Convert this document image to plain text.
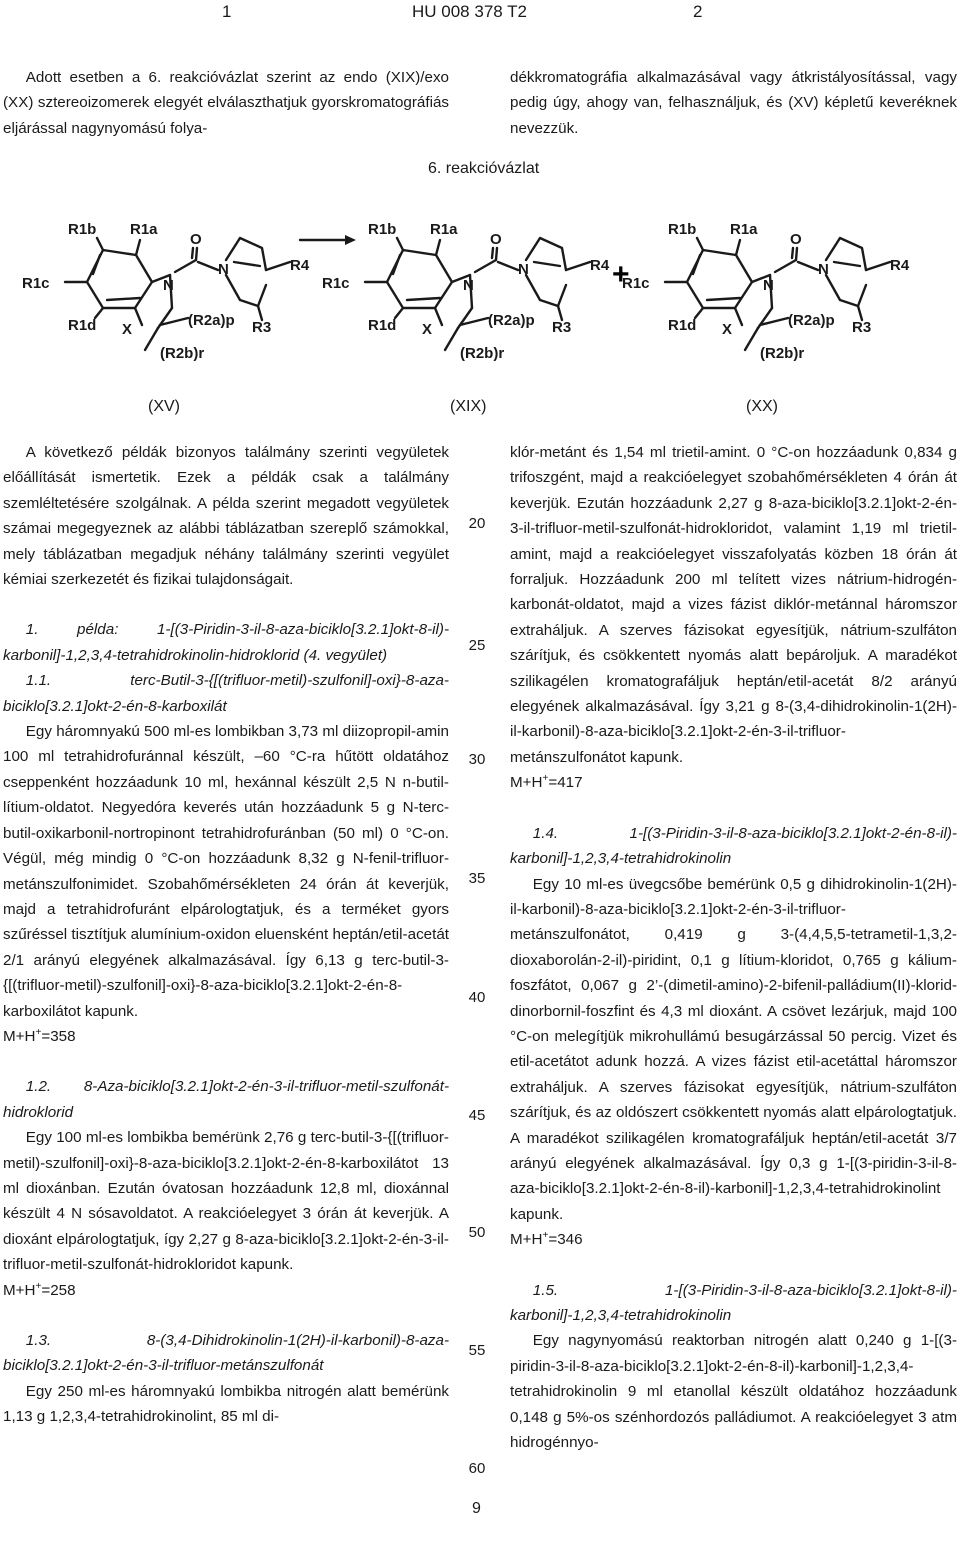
1	HU 008 378 T2	2

Adott esetben a 6. reakcióvázlat szerint az endo (XIX)/exo (XX) sztereoizomerek elegyét elválaszthatjuk gyorskromatográfiás eljárással nagynyomású folya-

dékkromatográfia alkalmazásával vagy átkristályosítással, vagy pedig úgy, ahogy van, felhasználjuk, és (XV) képletű keveréknek nevezzük.

6. reakcióvázlat
+
R1b R1a
R1c
R1d
O
N
N	R4
R3
X
(R2a)p
(R2b)r
R1b R1a
R1c
R1d
O
N
N	R4
R3
X
(R2a)p
(R2b)r
R1b R1a
R1c
R1d
O
N
N	R4
R3
X
(R2a)p
(R2b)r
(XV)	(XIX)	(XX)

A következő példák bizonyos találmány szerinti vegyületek előállítását ismertetik. Ezek a példák csak a találmány szemléltetésére szolgálnak. A példa szerint megadott vegyületek számai megegyeznek az alábbi táblázatban szereplő számokkal, mely táblázatban megadjuk néhány találmány szerinti vegyület kémiai szerkezetét és fizikai tulajdonságait.

1. példa: 1-[(3-Piridin-3-il-8-aza-biciklo[3.2.1]okt-8-il)-karbonil]-1,2,3,4-tetrahidrokinolin-hidroklorid (4. vegyület)

1.1. terc-Butil-3-{[(trifluor-metil)-szulfonil]-oxi}-8-aza-biciklo[3.2.1]okt-2-én-8-karboxilát

Egy háromnyakú 500 ml-es lombikban 3,73 ml diizopropil-amin 100 ml tetrahidrofuránnal készült, –60 °C-ra hűtött oldatához cseppenként hozzáadunk 10 ml, hexánnal készült 2,5 N n-butil-lítium-oldatot. Negyedóra keverés után hozzáadunk 5 g N-terc-butil-oxikarbonil-nortropinont tetrahidrofuránban (50 ml) 0 °C-on. Végül, még mindig 0 °C-on hozzáadunk 8,32 g N-fenil-trifluor-metánszulfonimidet. Szobahőmérsékleten 24 órán át keverjük, majd a tetrahidrofuránt elpárologtatjuk, és a terméket gyors szűréssel tisztítjuk alumínium-oxidon eluensként heptán/etil-acetát 2/1 arányú elegyének alkalmazásával. Így 6,13 g terc-butil-3-{[(trifluor-metil)-szulfonil]-oxi}-8-aza-biciklo[3.2.1]okt-2-én-8-karboxilátot kapunk.

M+H+=358

1.2. 8-Aza-biciklo[3.2.1]okt-2-én-3-il-trifluor-metil-szulfonát-hidroklorid

Egy 100 ml-es lombikba bemérünk 2,76 g terc-butil-3-{[(trifluor-metil)-szulfonil]-oxi}-8-aza-biciklo[3.2.1]okt-2-én-8-karboxilátot 13 ml dioxánban. Ezután óvatosan hozzáadunk 12,8 ml, dioxánnal készült 4 N sósavoldatot. A reakcióelegyet 3 órán át keverjük. A dioxánt elpárologtatjuk, így 2,27 g 8-aza-biciklo[3.2.1]okt-2-én-3-il-trifluor-metil-szulfonát-hidrokloridot kapunk.

M+H+=258

1.3. 8-(3,4-Dihidrokinolin-1(2H)-il-karbonil)-8-aza-biciklo[3.2.1]okt-2-én-3-il-trifluor-metánszulfonát

Egy 250 ml-es háromnyakú lombikba nitrogén alatt bemérünk 1,13 g 1,2,3,4-tetrahidrokinolint, 85 ml di-

20
25
30
35
40
45
50
55
60

klór-metánt és 1,54 ml trietil-amint. 0 °C-on hozzáadunk 0,834 g trifoszgént, majd a reakcióelegyet szobahőmérsékleten 4 órán át keverjük. Ezután hozzáadunk 2,27 g 8-aza-biciklo[3.2.1]okt-2-én-3-il-trifluor-metil-szulfonát-hidrokloridot, valamint 1,19 ml trietil-amint, majd a reakcióelegyet visszafolyatás közben 18 órán át forraljuk. Hozzáadunk 200 ml telített vizes nátrium-hidrogén-karbonát-oldatot, majd a vizes fázist diklór-metánnal háromszor extraháljuk. A szerves fázisokat egyesítjük, nátrium-szulfáton szárítjuk, és csökkentett nyomás alatt bepároljuk. A maradékot szilikagélen kromatografáljuk heptán/etil-acetát 8/2 arányú elegyének alkalmazásával. Így 3,21 g 8-(3,4-dihidrokinolin-1(2H)-il-karbonil)-8-aza-biciklo[3.2.1]okt-2-én-3-il-trifluor-metánszulfonátot kapunk.

M+H+=417

1.4. 1-[(3-Piridin-3-il-8-aza-biciklo[3.2.1]okt-2-én-8-il)-karbonil]-1,2,3,4-tetrahidrokinolin

Egy 10 ml-es üvegcsőbe bemérünk 0,5 g dihidrokinolin-1(2H)-il-karbonil)-8-aza-biciklo[3.2.1]okt-2-én-3-il-trifluor-metánszulfonátot, 0,419 g 3-(4,4,5,5-tetrametil-1,3,2-dioxaborolán-2-il)-piridint, 0,1 g lítium-kloridot, 0,765 g kálium-foszfátot, 0,067 g 2’-(dimetil-amino)-2-bifenil-palládium(II)-klorid-dinorbornil-foszfint és 4,3 ml dioxánt. A csövet lezárjuk, majd 100 °C-on melegítjük mikrohullámú besugárzással 50 percig. Vizet és etil-acetátot adunk hozzá. A vizes fázist etil-acetáttal háromszor extraháljuk. A szerves fázisokat egyesítjük, nátrium-szulfáton szárítjuk, és az oldószert csökkentett nyomás alatt elpárologtatjuk. A maradékot szilikagélen kromatografáljuk heptán/etil-acetát 3/7 arányú elegyének alkalmazásával. Így 0,3 g 1-[(3-piridin-3-il-8-aza-biciklo[3.2.1]okt-2-én-8-il)-karbonil]-1,2,3,4-tetrahidrokinolint kapunk.

M+H+=346

1.5. 1-[(3-Piridin-3-il-8-aza-biciklo[3.2.1]okt-8-il)-karbonil]-1,2,3,4-tetrahidrokinolin

Egy nagynyomású reaktorban nitrogén alatt 0,240 g 1-[(3-piridin-3-il-8-aza-biciklo[3.2.1]okt-2-én-8-il)-karbonil]-1,2,3,4-tetrahidrokinolin 9 ml etanollal készült oldatához hozzáadunk 0,148 g 5%-os szénhordozós palládiumot. A reakcióelegyet 3 atm hidrogénnyo-

9
